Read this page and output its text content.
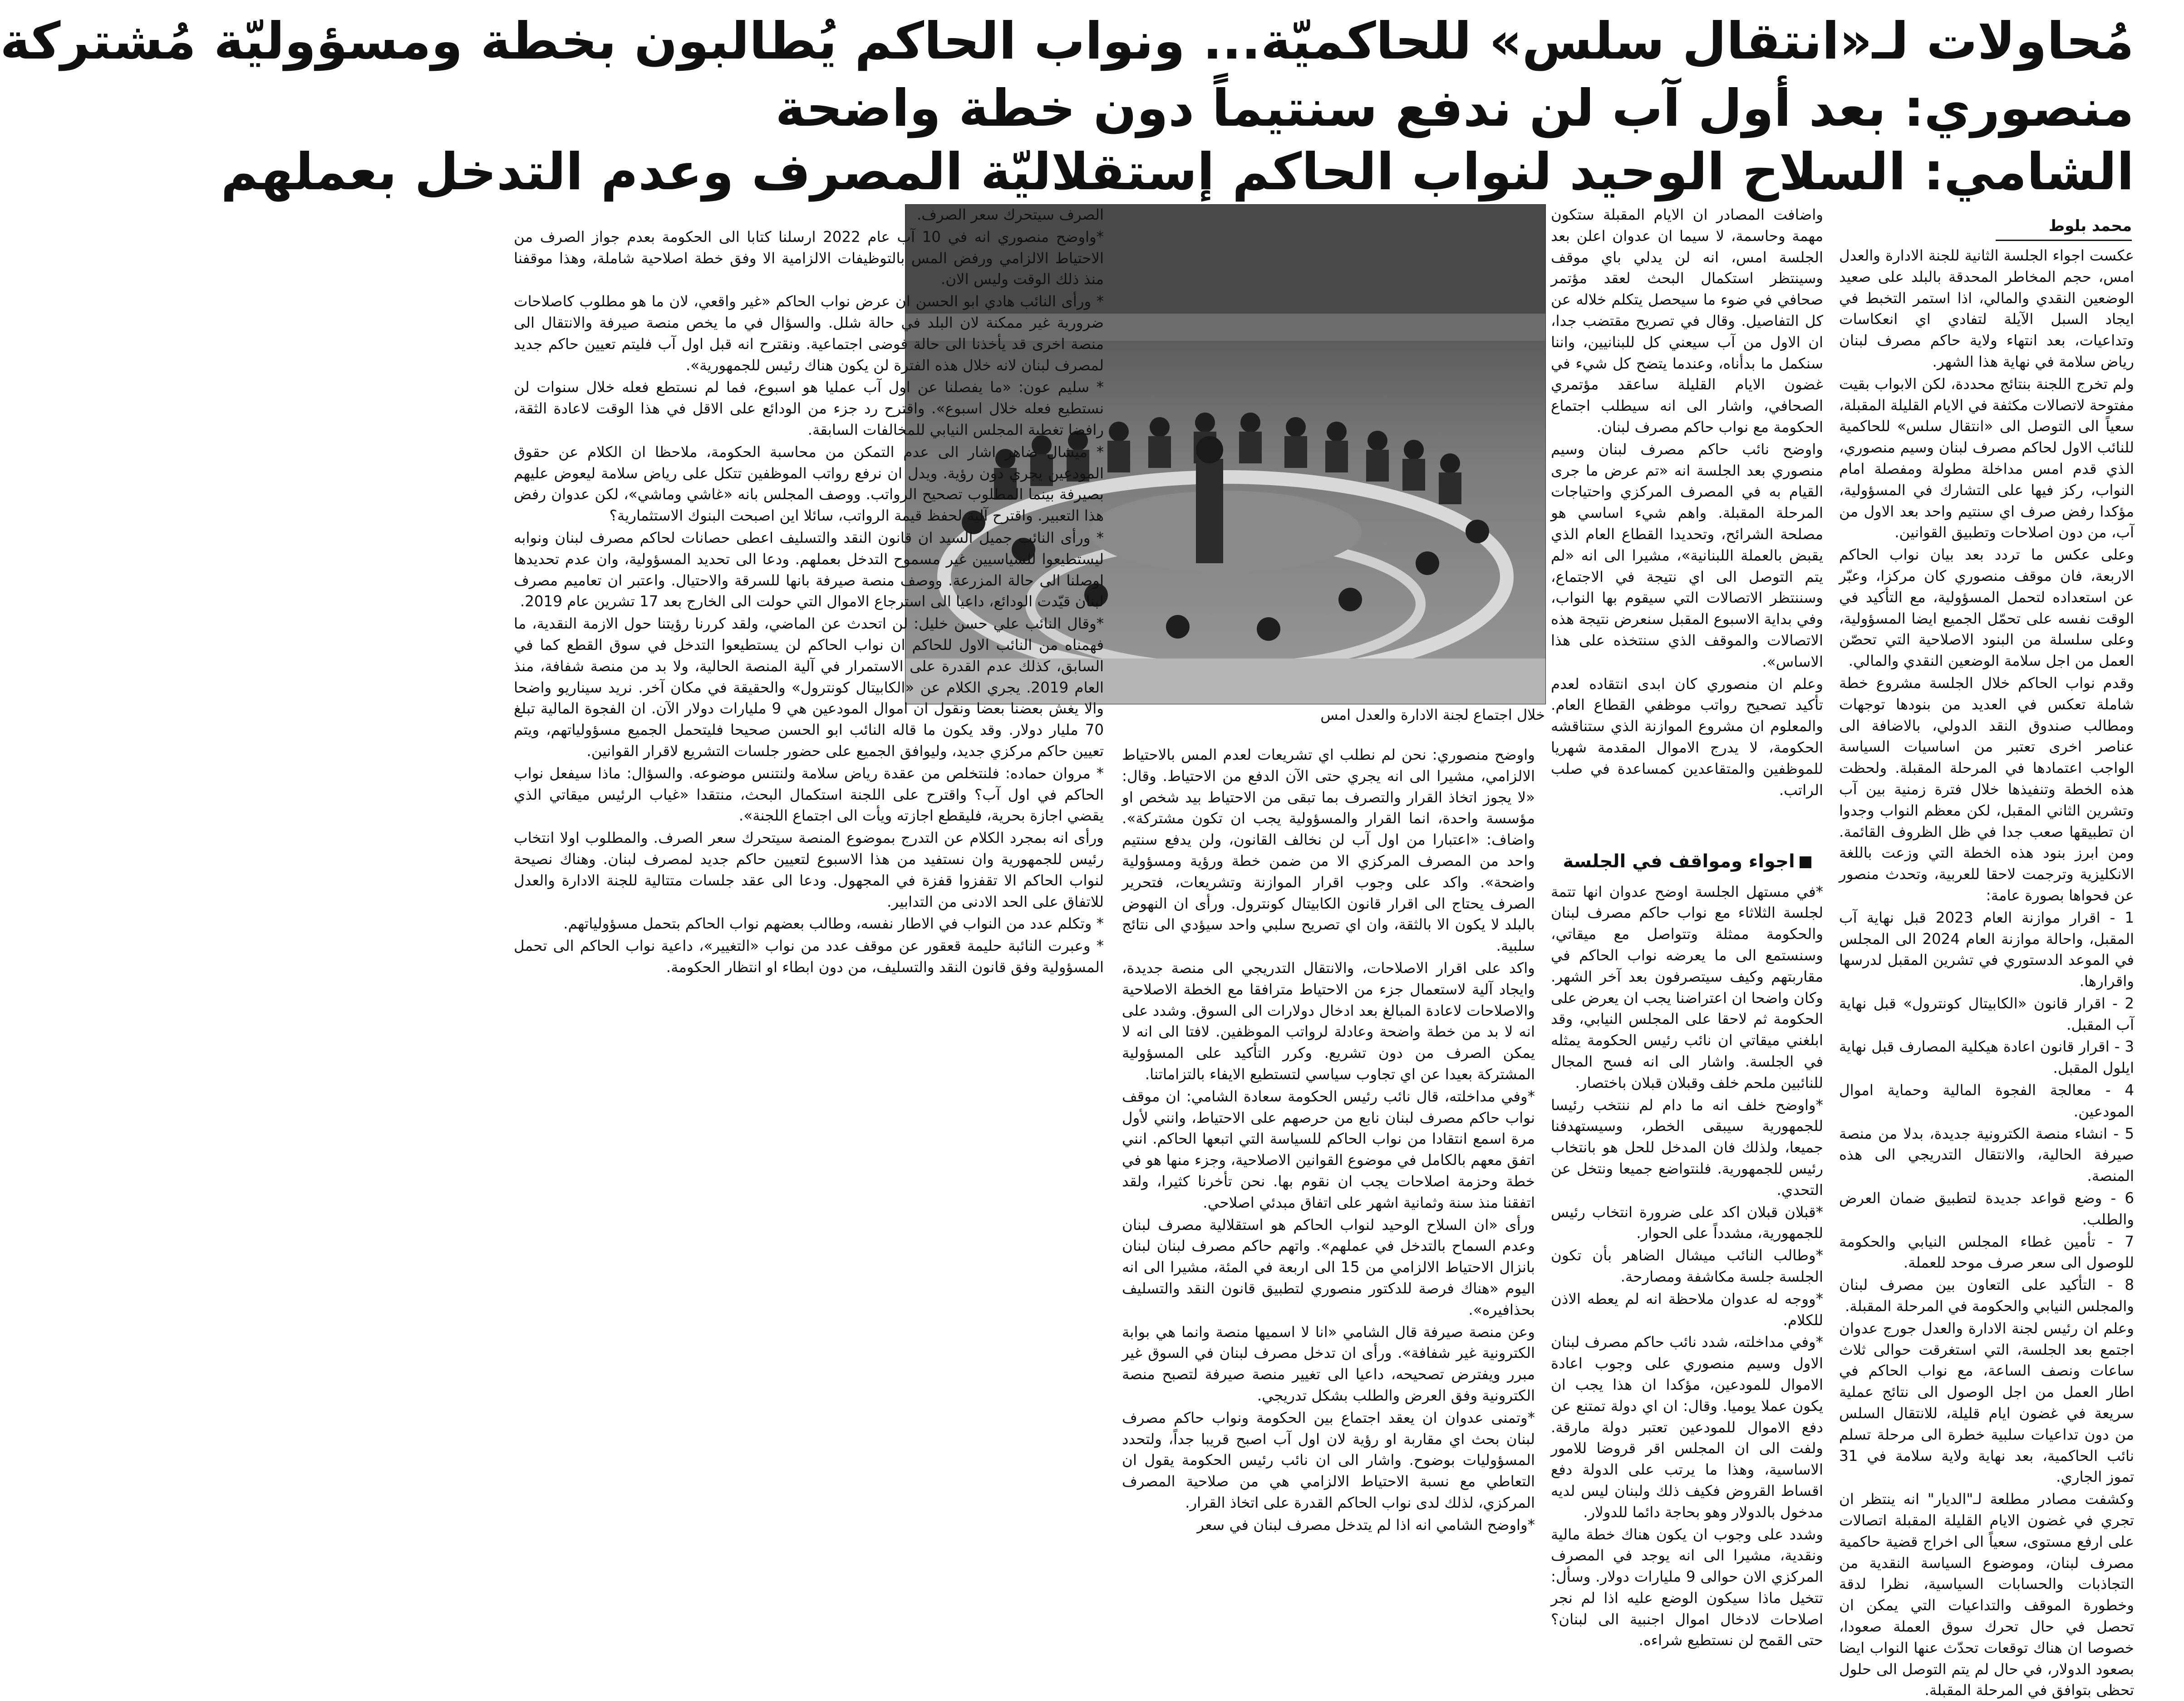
مُحاولات لـ«انتقال سلس» للحاكميّة... ونواب الحاكم يُطالبون بخطة ومسؤوليّة مُشتركة
منصوري: بعد أول آب لن ندفع سنتيماً دون خطة واضحة
الشامي: السلاح الوحيد لنواب الحاكم إستقلاليّة المصرف وعدم التدخل بعملهم
محمد بلوط

عكست اجواء الجلسة الثانية للجنة الادارة والعدل امس، حجم المخاطر المحدقة بالبلد على صعيد الوضعين النقدي والمالي، اذا استمر التخبط في ايجاد السبل الآيلة لتفادي اي انعكاسات وتداعيات، بعد انتهاء ولاية حاكم مصرف لبنان رياض سلامة في نهاية هذا الشهر.

ولم تخرج اللجنة بنتائج محددة، لكن الابواب بقيت مفتوحة لاتصالات مكثفة في الايام القليلة المقبلة، سعياً الى التوصل الى «انتقال سلس» للحاكمية للنائب الاول لحاكم مصرف لبنان وسيم منصوري، الذي قدم امس مداخلة مطولة ومفصلة امام النواب، ركز فيها على التشارك في المسؤولية، مؤكدا رفض صرف اي سنتيم واحد بعد الاول من آب، من دون اصلاحات وتطبيق القوانين.

وعلى عكس ما تردد بعد بيان نواب الحاكم الاربعة، فان موقف منصوري كان مركزا، وعبّر عن استعداده لتحمل المسؤولية، مع التأكيد في الوقت نفسه على تحمّل الجميع ايضا المسؤولية، وعلى سلسلة من البنود الاصلاحية التي تحصّن العمل من اجل سلامة الوضعين النقدي والمالي.

وقدم نواب الحاكم خلال الجلسة مشروع خطة شاملة تعكس في العديد من بنودها توجهات ومطالب صندوق النقد الدولي، بالاضافة الى عناصر اخرى تعتبر من اساسيات السياسة الواجب اعتمادها في المرحلة المقبلة. ولحظت هذه الخطة وتنفيذها خلال فترة زمنية بين آب وتشرين الثاني المقبل، لكن معظم النواب وجدوا ان تطبيقها صعب جدا في ظل الظروف القائمة. ومن ابرز بنود هذه الخطة التي وزعت باللغة الانكليزية وترجمت لاحقا للعربية، وتحدث منصور عن فحواها بصورة عامة:

1 - اقرار موازنة العام 2023 قبل نهاية آب المقبل، واحالة موازنة العام 2024 الى المجلس في الموعد الدستوري في تشرين المقبل لدرسها واقرارها.

2 - اقرار قانون «الكابيتال كونترول» قبل نهاية آب المقبل.

3 - اقرار قانون اعادة هيكلية المصارف قبل نهاية ايلول المقبل.

4 - معالجة الفجوة المالية وحماية اموال المودعين.

5 - انشاء منصة الكترونية جديدة، بدلا من منصة صيرفة الحالية، والانتقال التدريجي الى هذه المنصة.

6 - وضع قواعد جديدة لتطبيق ضمان العرض والطلب.

7 - تأمين غطاء المجلس النيابي والحكومة للوصول الى سعر صرف موحد للعملة.

8 - التأكيد على التعاون بين مصرف لبنان والمجلس النيابي والحكومة في المرحلة المقبلة.

وعلم ان رئيس لجنة الادارة والعدل جورج عدوان اجتمع بعد الجلسة، التي استغرقت حوالى ثلاث ساعات ونصف الساعة، مع نواب الحاكم في اطار العمل من اجل الوصول الى نتائج عملية سريعة في غضون ايام قليلة، للانتقال السلس من دون تداعيات سلبية خطرة الى مرحلة تسلم نائب الحاكمية، بعد نهاية ولاية سلامة في 31 تموز الجاري.

وكشفت مصادر مطلعة لـ"الديار" انه ينتظر ان تجري في غضون الايام القليلة المقبلة اتصالات على ارفع مستوى، سعياً الى اخراج قضية حاكمية مصرف لبنان، وموضوع السياسة النقدية من التجاذبات والحسابات السياسية، نظرا لدقة وخطورة الموقف والتداعيات التي يمكن ان تحصل في حال تحرك سوق العملة صعودا، خصوصا ان هناك توقعات تحدّث عنها النواب ايضا بصعود الدولار، في حال لم يتم التوصل الى حلول تحظى بتوافق في المرحلة المقبلة.

واضافت المصادر ان الايام المقبلة ستكون مهمة وحاسمة، لا سيما ان عدوان اعلن بعد الجلسة امس، انه لن يدلي باي موقف وسينتظر استكمال البحث لعقد مؤتمر صحافي في ضوء ما سيحصل يتكلم خلاله عن كل التفاصيل. وقال في تصريح مقتضب جدا، ان الاول من آب سيعني كل للبنانيين، واننا سنكمل ما بدأناه، وعندما يتضح كل شيء في غضون الايام القليلة ساعقد مؤتمري الصحافي، واشار الى انه سيطلب اجتماع الحكومة مع نواب حاكم مصرف لبنان.

واوضح نائب حاكم مصرف لبنان وسيم منصوري بعد الجلسة انه «تم عرض ما جرى القيام به في المصرف المركزي واحتياجات المرحلة المقبلة. واهم شيء اساسي هو مصلحة الشرائح، وتحديدا القطاع العام الذي يقبض بالعملة اللبنانية»، مشيرا الى انه «لم يتم التوصل الى اي نتيجة في الاجتماع، وسننتظر الاتصالات التي سيقوم بها النواب، وفي بداية الاسبوع المقبل سنعرض نتيجة هذه الاتصالات والموقف الذي سنتخذه على هذا الاساس».

وعلم ان منصوري كان ابدى انتقاده لعدم تأكيد تصحيح رواتب موظفي القطاع العام. والمعلوم ان مشروع الموازنة الذي ستناقشه الحكومة، لا يدرج الاموال المقدمة شهريا للموظفين والمتقاعدين كمساعدة في صلب الراتب.

اجواء ومواقف في الجلسة

*في مستهل الجلسة اوضح عدوان انها تتمة لجلسة الثلاثاء مع نواب حاكم مصرف لبنان والحكومة ممثلة وتتواصل مع ميقاتي، وسنستمع الى ما يعرضه نواب الحاكم في مقاربتهم وكيف سيتصرفون بعد آخر الشهر. وكان واضحا ان اعتراضنا يجب ان يعرض على الحكومة ثم لاحقا على المجلس النيابي، وقد ابلغني ميقاتي ان نائب رئيس الحكومة يمثله في الجلسة. واشار الى انه فسح المجال للنائبين ملحم خلف وقبلان قبلان باختصار.

*واوضح خلف انه ما دام لم ننتخب رئيسا للجمهورية سيبقى الخطر، وسيستهدفنا جميعا، ولذلك فان المدخل للحل هو بانتخاب رئيس للجمهورية. فلنتواضع جميعا ونتخل عن التحدي.

*قبلان قبلان اكد على ضرورة انتخاب رئيس للجمهورية، مشدداً على الحوار.

*وطالب النائب ميشال الضاهر بأن تكون الجلسة جلسة مكاشفة ومصارحة.

*ووجه له عدوان ملاحظة انه لم يعطه الاذن للكلام.

*وفي مداخلته، شدد نائب حاكم مصرف لبنان الاول وسيم منصوري على وجوب اعادة الاموال للمودعين، مؤكدا ان هذا يجب ان يكون عملا يوميا. وقال: ان اي دولة تمتنع عن دفع الاموال للمودعين تعتبر دولة مارقة. ولفت الى ان المجلس اقر قروضا للامور الاساسية، وهذا ما يرتب على الدولة دفع اقساط القروض فكيف ذلك ولبنان ليس لديه مدخول بالدولار وهو بحاجة دائما للدولار.

وشدد على وجوب ان يكون هناك خطة مالية ونقدية، مشيرا الى انه يوجد في المصرف المركزي الان حوالى 9 مليارات دولار. وسأل: تتخيل ماذا سيكون الوضع عليه اذا لم نجر اصلاحات لادخال اموال اجنبية الى لبنان؟ حتى القمح لن نستطيع شراءه.

خلال اجتماع لجنة الادارة والعدل امس

واوضح منصوري: نحن لم نطلب اي تشريعات لعدم المس بالاحتياط الالزامي، مشيرا الى انه يجري حتى الآن الدفع من الاحتياط. وقال: «لا يجوز اتخاذ القرار والتصرف بما تبقى من الاحتياط بيد شخص او مؤسسة واحدة، انما القرار والمسؤولية يجب ان تكون مشتركة». واضاف: «اعتبارا من اول آب لن نخالف القانون، ولن يدفع سنتيم واحد من المصرف المركزي الا من ضمن خطة ورؤية ومسؤولية واضحة». واكد على وجوب اقرار الموازنة وتشريعات، فتحرير الصرف يحتاج الى اقرار قانون الكابيتال كونترول. ورأى ان النهوض بالبلد لا يكون الا بالثقة، وان اي تصريح سلبي واحد سيؤدي الى نتائج سلبية.

واكد على اقرار الاصلاحات، والانتقال التدريجي الى منصة جديدة، وايجاد آلية لاستعمال جزء من الاحتياط مترافقا مع الخطة الاصلاحية والاصلاحات لاعادة المبالغ بعد ادخال دولارات الى السوق. وشدد على انه لا بد من خطة واضحة وعادلة لرواتب الموظفين. لافتا الى انه لا يمكن الصرف من دون تشريع. وكرر التأكيد على المسؤولية المشتركة بعيدا عن اي تجاوب سياسي لتستطيع الايفاء بالتزاماتنا.

*وفي مداخلته، قال نائب رئيس الحكومة سعادة الشامي: ان موقف نواب حاكم مصرف لبنان نابع من حرصهم على الاحتياط، وانني لأول مرة اسمع انتقادا من نواب الحاكم للسياسة التي اتبعها الحاكم. انني اتفق معهم بالكامل في موضوع القوانين الاصلاحية، وجزء منها هو في خطة وحزمة اصلاحات يجب ان نقوم بها. نحن تأخرنا كثيرا، ولقد اتفقنا منذ سنة وثمانية اشهر على اتفاق مبدئي اصلاحي.

ورأى «ان السلاح الوحيد لنواب الحاكم هو استقلالية مصرف لبنان وعدم السماح بالتدخل في عملهم». واتهم حاكم مصرف لبنان لبنان بانزال الاحتياط الالزامي من 15 الى اربعة في المئة، مشيرا الى انه اليوم «هناك فرصة للدكتور منصوري لتطبيق قانون النقد والتسليف بحذافيره».

وعن منصة صيرفة قال الشامي «انا لا اسميها منصة وانما هي بوابة الكترونية غير شفافة». ورأى ان تدخل مصرف لبنان في السوق غير مبرر ويفترض تصحيحه، داعيا الى تغيير منصة صيرفة لتصبح منصة الكترونية وفق العرض والطلب بشكل تدريجي.

*وتمنى عدوان ان يعقد اجتماع بين الحكومة ونواب حاكم مصرف لبنان بحث اي مقاربة او رؤية لان اول آب اصبح قريبا جداً، ولتحدد المسؤوليات بوضوح. واشار الى ان نائب رئيس الحكومة يقول ان التعاطي مع نسبة الاحتياط الالزامي هي من صلاحية المصرف المركزي، لذلك لدى نواب الحاكم القدرة على اتخاذ القرار.

*واوضح الشامي انه اذا لم يتدخل مصرف لبنان في سعر

الصرف سيتحرك سعر الصرف.

*واوضح منصوري انه في 10 آب عام 2022 ارسلنا كتابا الى الحكومة بعدم جواز الصرف من الاحتياط الالزامي ورفض المس بالتوظيفات الالزامية الا وفق خطة اصلاحية شاملة، وهذا موقفنا منذ ذلك الوقت وليس الان.

* ورأى النائب هادي ابو الحسن ان عرض نواب الحاكم «غير واقعي، لان ما هو مطلوب كاصلاحات ضرورية غير ممكنة لان البلد في حالة شلل. والسؤال في ما يخص منصة صيرفة والانتقال الى منصة اخرى قد يأخذنا الى حالة فوضى اجتماعية. ونقترح انه قبل اول آب فليتم تعيين حاكم جديد لمصرف لبنان لانه خلال هذه الفترة لن يكون هناك رئيس للجمهورية».

* سليم عون: «ما يفصلنا عن اول آب عمليا هو اسبوع، فما لم نستطع فعله خلال سنوات لن نستطيع فعله خلال اسبوع». واقترح رد جزء من الودائع على الاقل في هذا الوقت لاعادة الثقة، رافضا تغطية المجلس النيابي للمخالفات السابقة.

* ميشال ضاهر اشار الى عدم التمكن من محاسبة الحكومة، ملاحظا ان الكلام عن حقوق المودعين يجري دون رؤية. ويدل ان نرفع رواتب الموظفين تتكل على رياض سلامة ليعوض عليهم بصيرفة بينما المطلوب تصحيح الرواتب. ووصف المجلس بانه «غاشي وماشي»، لكن عدوان رفض هذا التعبير. واقترح آلية لحفظ قيمة الرواتب، سائلا اين اصبحت البنوك الاستثمارية؟

* ورأى النائب جميل السيد ان قانون النقد والتسليف اعطى حصانات لحاكم مصرف لبنان ونوابه ليستطيعوا للسياسيين غير مسموح التدخل بعملهم. ودعا الى تحديد المسؤولية، وان عدم تحديدها اوصلنا الى حالة المزرعة. ووصف منصة صيرفة بانها للسرقة والاحتيال. واعتبر ان تعاميم مصرف لبنان قيّدت الودائع، داعيا الى استرجاع الاموال التي حولت الى الخارج بعد 17 تشرين عام 2019.

*وقال النائب علي حسن خليل: لن اتحدث عن الماضي، ولقد كررنا رؤيتنا حول الازمة النقدية، ما فهمناه من النائب الاول للحاكم ان نواب الحاكم لن يستطيعوا التدخل في سوق القطع كما في السابق، كذلك عدم القدرة على الاستمرار في آلية المنصة الحالية، ولا بد من منصة شفافة، منذ العام 2019. يجري الكلام عن «الكابيتال كونترول» والحقيقة في مكان آخر. نريد سيناريو واضحا والا يغش بعضنا بعضا ونقول ان اموال المودعين هي 9 مليارات دولار الآن. ان الفجوة المالية تبلغ 70 مليار دولار. وقد يكون ما قاله النائب ابو الحسن صحيحا فليتحمل الجميع مسؤولياتهم، ويتم تعيين حاكم مركزي جديد، وليوافق الجميع على حضور جلسات التشريع لاقرار القوانين.

* مروان حماده: فلنتخلص من عقدة رياض سلامة ولنتنس موضوعه. والسؤال: ماذا سيفعل نواب الحاكم في اول آب؟ واقترح على اللجنة استكمال البحث، منتقدا «غياب الرئيس ميقاتي الذي يقضي اجازة بحرية، فليقطع اجازته ويأت الى اجتماع اللجنة».

ورأى انه بمجرد الكلام عن التدرج بموضوع المنصة سيتحرك سعر الصرف. والمطلوب اولا انتخاب رئيس للجمهورية وان نستفيد من هذا الاسبوع لتعيين حاكم جديد لمصرف لبنان. وهناك نصيحة لنواب الحاكم الا تقفزوا قفزة في المجهول. ودعا الى عقد جلسات متتالية للجنة الادارة والعدل للاتفاق على الحد الادنى من التدابير.

* وتكلم عدد من النواب في الاطار نفسه، وطالب بعضهم نواب الحاكم بتحمل مسؤولياتهم.

* وعبرت النائبة حليمة قعقور عن موقف عدد من نواب «التغيير»، داعية نواب الحاكم الى تحمل المسؤولية وفق قانون النقد والتسليف، من دون ابطاء او انتظار الحكومة.
